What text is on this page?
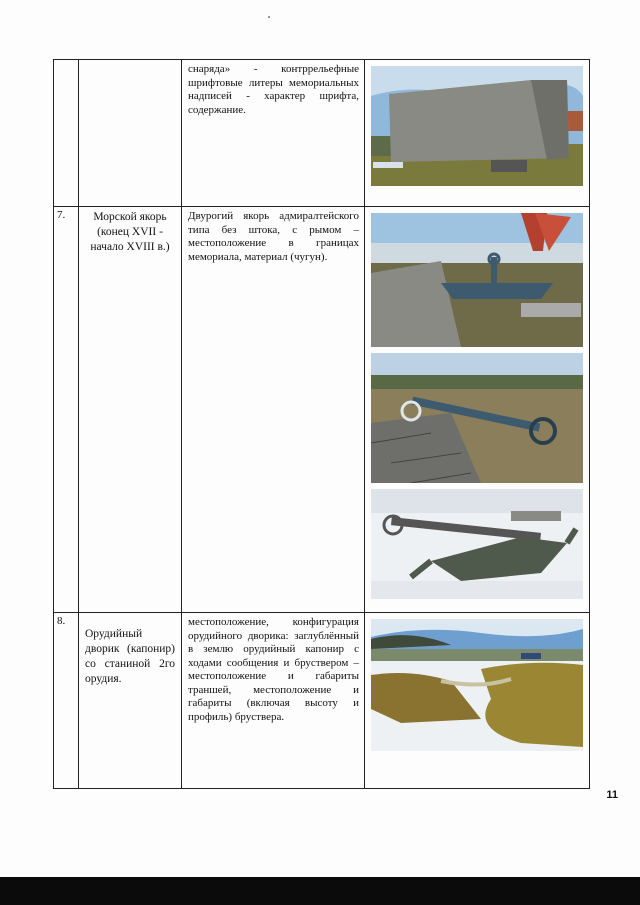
		снаряда» - контррельефные шрифтовые литеры мемориальных надписей - характер шрифта, содержание.

7.	Морской якорь (конец XVII - начало XVIII в.)	Двурогий якорь адмиралтейского типа без штока, с рымом – местоположение в границах мемориала, материал (чугун).

8.	Орудийный дворик (капонир) со станиной 2го орудия.	местоположение, конфигурация орудийного дворика: заглублённый в землю орудийный капонир с ходами сообщения и бруствером – местоположение и габариты траншей, местоположение и габариты (включая высоту и профиль) бруствера.

11
